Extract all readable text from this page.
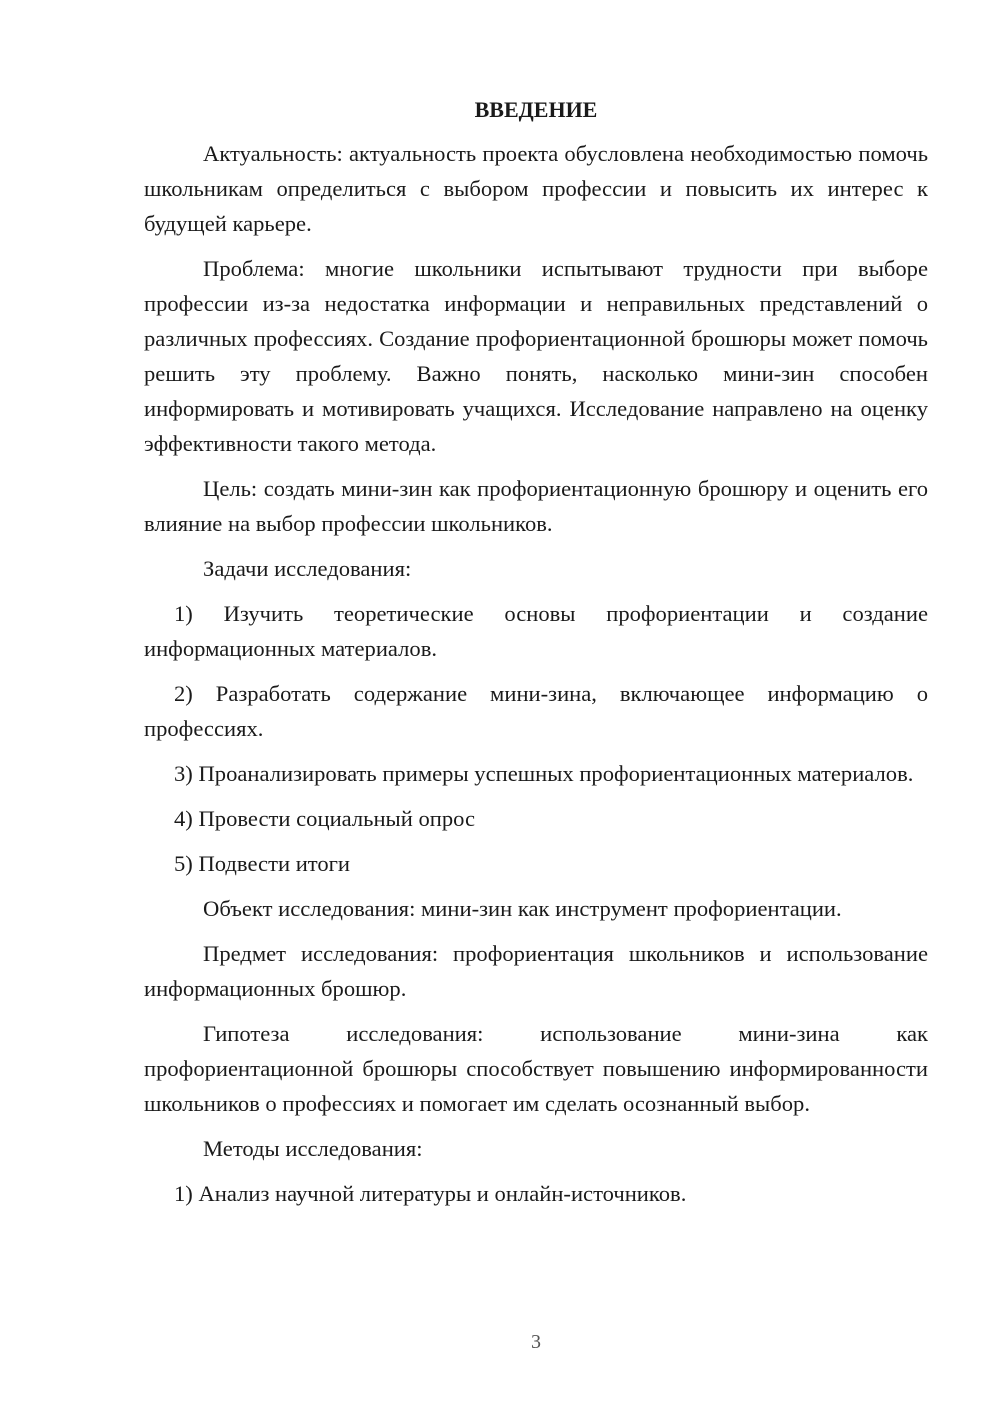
ВВЕДЕНИЕ

Актуальность: актуальность проекта обусловлена необходимостью помочь школьникам определиться с выбором профессии и повысить их интерес к будущей карьере.

Проблема: многие школьники испытывают трудности при выборе профессии из-за недостатка информации и неправильных представлений о различных профессиях. Создание профориентационной брошюры может помочь решить эту проблему. Важно понять, насколько мини-зин способен информировать и мотивировать учащихся. Исследование направлено на оценку эффективности такого метода.

Цель: создать мини-зин как профориентационную брошюру и оценить его влияние на выбор профессии школьников.

Задачи исследования:

1) Изучить теоретические основы профориентации и создание информационных материалов.

2) Разработать содержание мини-зина, включающее информацию о профессиях.

3) Проанализировать примеры успешных профориентационных материалов.

4) Провести социальный опрос

5) Подвести итоги

Объект исследования: мини-зин как инструмент профориентации.

Предмет исследования: профориентация школьников и использование информационных брошюр.

Гипотеза исследования: использование мини-зина как профориентационной брошюры способствует повышению информированности школьников о профессиях и помогает им сделать осознанный выбор.

Методы исследования:

1) Анализ научной литературы и онлайн-источников.

3
